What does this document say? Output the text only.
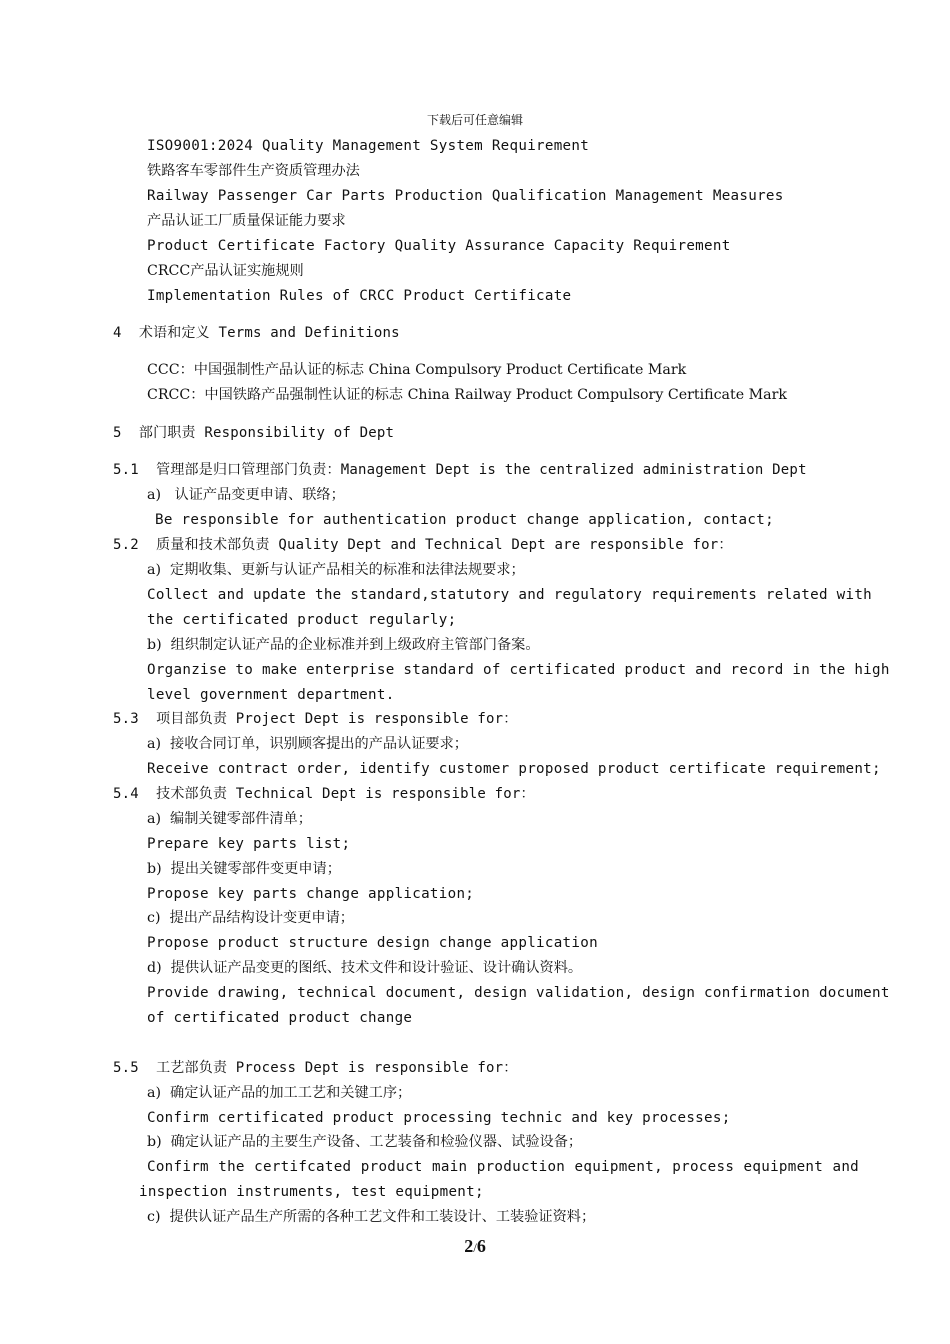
下载后可任意编辑
ISO9001:2024 Quality Management System Requirement
铁路客车零部件生产资质管理办法
Railway Passenger Car Parts Production Qualification Management Measures
产品认证工厂质量保证能力要求
Product Certificate Factory Quality Assurance Capacity Requirement
CRCC产品认证实施规则
Implementation Rules of CRCC Product Certificate
4  术语和定义 Terms and Definitions
CCC：中国强制性产品认证的标志 China Compulsory Product Certificate Mark
CRCC：中国铁路产品强制性认证的标志 China Railway Product Compulsory Certificate Mark
5  部门职责 Responsibility of Dept
5.1  管理部是归口管理部门负责：Management Dept is the centralized administration Dept
a)   认证产品变更申请、联络；
Be responsible for authentication product change application, contact;
5.2  质量和技术部负责 Quality Dept and Technical Dept are responsible for：
a)  定期收集、更新与认证产品相关的标准和法律法规要求；
Collect and update the standard,statutory and regulatory requirements related with
the certificated product regularly;
b)  组织制定认证产品的企业标准并到上级政府主管部门备案。
Organzise to make enterprise standard of certificated product and record in the high
level government department.
5.3  项目部负责 Project Dept is responsible for：
a)  接收合同订单，识别顾客提出的产品认证要求；
Receive contract order, identify customer proposed product certificate requirement;
5.4  技术部负责 Technical Dept is responsible for：
a)  编制关键零部件清单；
Prepare key parts list;
b)  提出关键零部件变更申请；
Propose key parts change application;
c)  提出产品结构设计变更申请；
Propose product structure design change application
d)  提供认证产品变更的图纸、技术文件和设计验证、设计确认资料。
Provide drawing, technical document, design validation, design confirmation document
of certificated product change
5.5  工艺部负责 Process Dept is responsible for：
a)  确定认证产品的加工工艺和关键工序；
Confirm certificated product processing technic and key processes;
b)  确定认证产品的主要生产设备、工艺装备和检验仪器、试验设备；
Confirm the certifcated product main production equipment, process equipment and
inspection instruments, test equipment;
c)  提供认证产品生产所需的各种工艺文件和工装设计、工装验证资料；
2/6
